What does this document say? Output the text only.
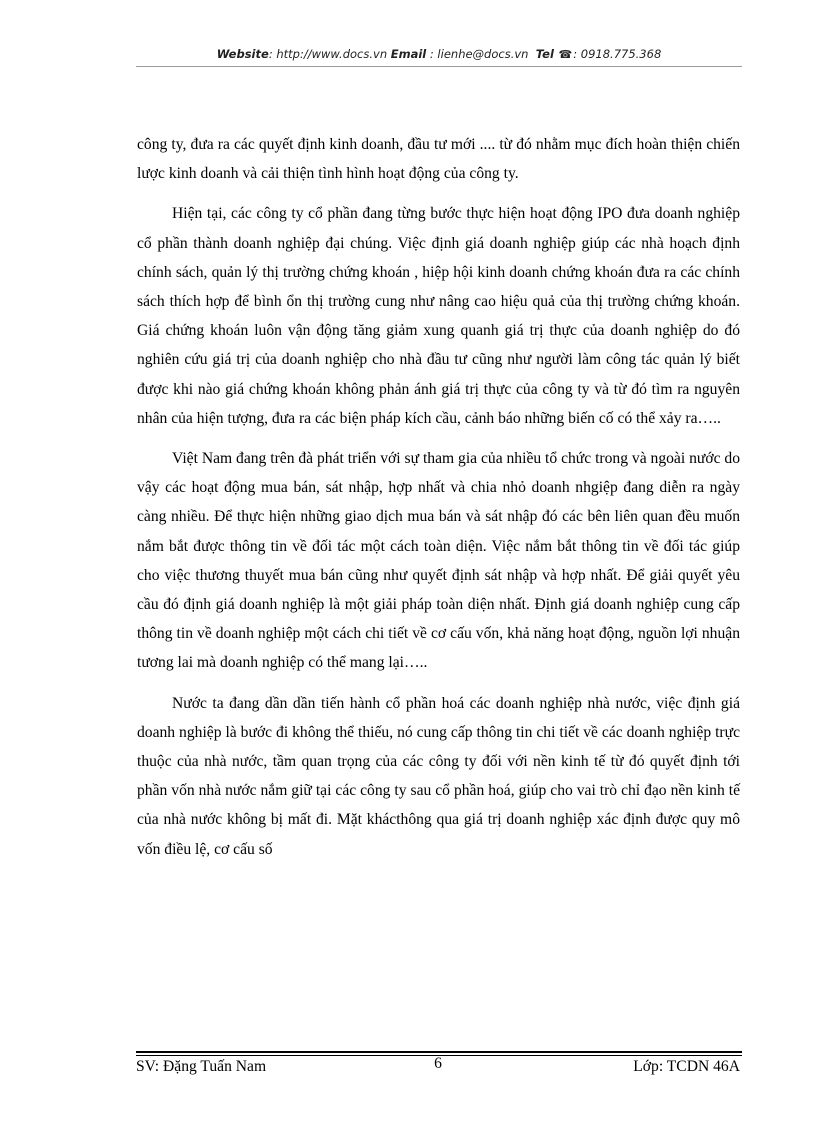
Website: http://www.docs.vn Email : lienhe@docs.vn Tel ☎: 0918.775.368

công ty, đưa ra các quyết định kinh doanh, đầu tư mới .... từ đó nhằm mục đích hoàn thiện chiến lược kinh doanh và cải thiện tình hình hoạt động của công ty.

Hiện tại, các công ty cổ phần đang từng bước thực hiện hoạt động IPO đưa doanh nghiệp cổ phần thành doanh nghiệp đại chúng. Việc định giá doanh nghiệp giúp các nhà hoạch định chính sách, quản lý thị trường chứng khoán , hiệp hội kinh doanh chứng khoán đưa ra các chính sách thích hợp để bình ổn thị trường cung như nâng cao hiệu quả của thị trường chứng khoán. Giá chứng khoán luôn vận động tăng giảm xung quanh giá trị thực của doanh nghiệp do đó nghiên cứu giá trị của doanh nghiệp cho nhà đầu tư cũng như người làm công tác quản lý biết được khi nào giá chứng khoán không phản ánh giá trị thực của công ty và từ đó tìm ra nguyên nhân của hiện tượng, đưa ra các biện pháp kích cầu, cảnh báo những biến cố có thể xảy ra…..

Việt Nam đang trên đà phát triển với sự tham gia của nhiều tổ chức trong và ngoài nước do vậy các hoạt động mua bán, sát nhập, hợp nhất và chia nhỏ doanh nhgiệp đang diễn ra ngày càng nhiều. Để thực hiện những giao dịch mua bán và sát nhập đó các bên liên quan đều muốn nắm bắt được thông tin về đối tác một cách toàn diện. Việc nắm bắt thông tin về đối tác giúp cho việc thương thuyết mua bán cũng như quyết định sát nhập và hợp nhất. Để giải quyết yêu cầu đó định giá doanh nghiệp là một giải pháp toàn diện nhất. Định giá doanh nghiệp cung cấp thông tin về doanh nghiệp một cách chi tiết về cơ cấu vốn, khả năng hoạt động, nguồn lợi nhuận tương lai mà doanh nghiệp có thể mang lại…..

Nước ta đang dần dần tiến hành cổ phần hoá các doanh nghiệp nhà nước, việc định giá doanh nghiệp là bước đi không thể thiếu, nó cung cấp thông tin chi tiết về các doanh nghiệp trực thuộc của nhà nước, tầm quan trọng của các công ty đối với nền kinh tế từ đó quyết định tới phần vốn nhà nước nắm giữ tại các công ty sau cổ phần hoá, giúp cho vai trò chỉ đạo nền kinh tế của nhà nước không bị mất đi. Mặt khácthông qua giá trị doanh nghiệp xác định được quy mô vốn điều lệ, cơ cấu số

SV: Đặng Tuấn Nam	6	Lớp: TCDN 46A
